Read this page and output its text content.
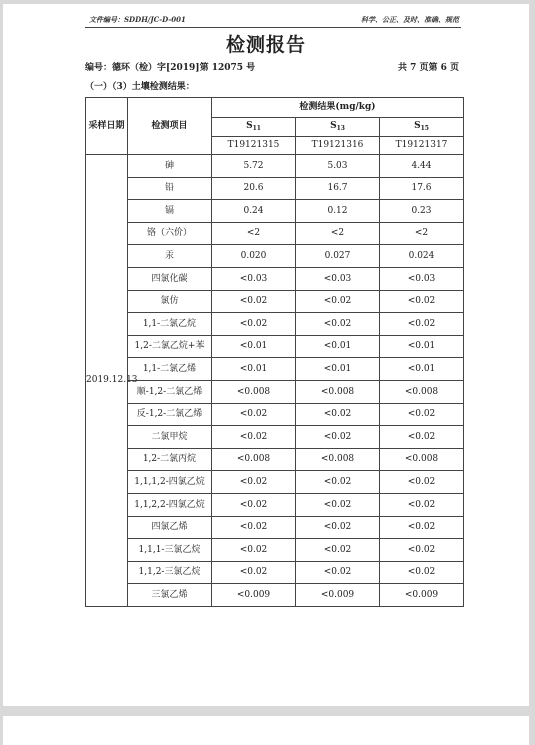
文件编号：SDDH/JC-D-001	科学、公正、及时、准确、规范
检测报告
编号：德环（检）字[2019]第 12075 号	共 7 页第 6 页
（一）（3）土壤检测结果：
采样日期	检测项目	检测结果(mg/kg)		
		$S_{11}$	$S_{13}$	$S_{15}$
		T19121315	T19121316	T19121317
2019.12.13	砷	5.72	5.03	4.44
	铅	20.6	16.7	17.6
	镉	0.24	0.12	0.23
	铬（六价）	<2	<2	<2
	汞	0.020	0.027	0.024
	四氯化碳	<0.03	<0.03	<0.03
	氯仿	<0.02	<0.02	<0.02
	1,1-二氯乙烷	<0.02	<0.02	<0.02
	1,2-二氯乙烷+苯	<0.01	<0.01	<0.01
	1,1-二氯乙烯	<0.01	<0.01	<0.01
	顺-1,2-二氯乙烯	<0.008	<0.008	<0.008
	反-1,2-二氯乙烯	<0.02	<0.02	<0.02
	二氯甲烷	<0.02	<0.02	<0.02
	1,2-二氯丙烷	<0.008	<0.008	<0.008
	1,1,1,2-四氯乙烷	<0.02	<0.02	<0.02
	1,1,2,2-四氯乙烷	<0.02	<0.02	<0.02
	四氯乙烯	<0.02	<0.02	<0.02
	1,1,1-三氯乙烷	<0.02	<0.02	<0.02
	1,1,2-三氯乙烷	<0.02	<0.02	<0.02
	三氯乙烯	<0.009	<0.009	<0.009
